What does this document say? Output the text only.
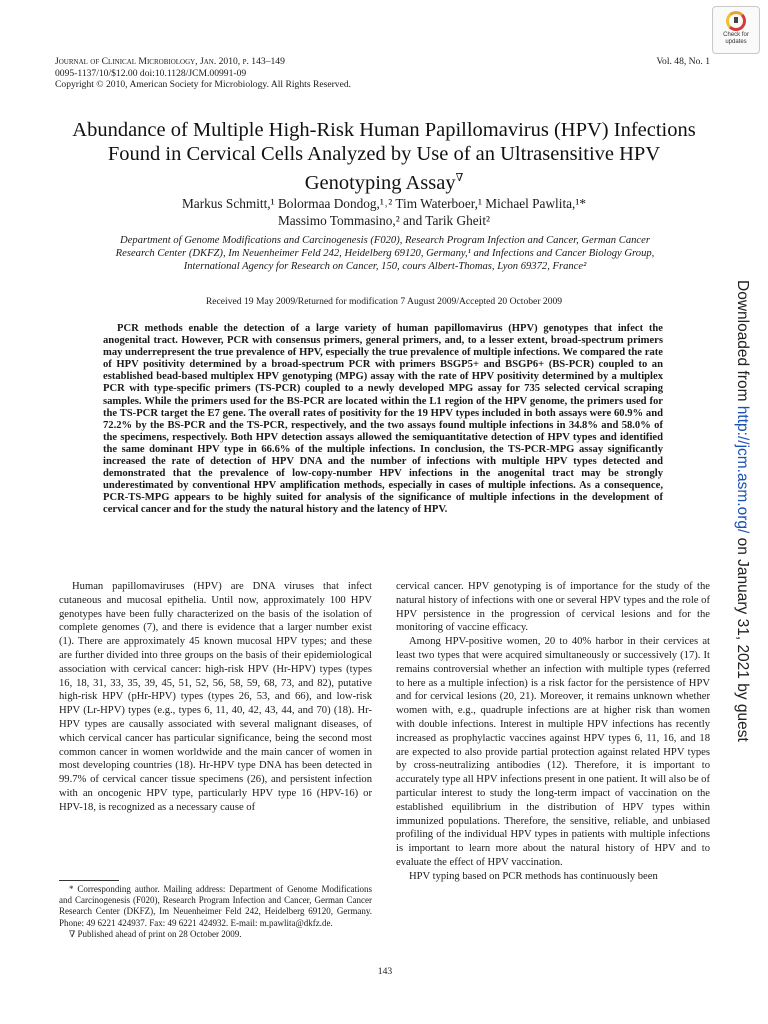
Journal of Clinical Microbiology, Jan. 2010, p. 143–149
0095-1137/10/$12.00 doi:10.1128/JCM.00991-09
Copyright © 2010, American Society for Microbiology. All Rights Reserved.
Vol. 48, No. 1
Check for
updates
Abundance of Multiple High-Risk Human Papillomavirus (HPV) Infections Found in Cervical Cells Analyzed by Use of an Ultrasensitive HPV Genotyping Assay∇
Markus Schmitt,¹ Bolormaa Dondog,¹˒² Tim Waterboer,¹ Michael Pawlita,¹*
Massimo Tommasino,² and Tarik Gheit²
Department of Genome Modifications and Carcinogenesis (F020), Research Program Infection and Cancer, German Cancer Research Center (DKFZ), Im Neuenheimer Feld 242, Heidelberg 69120, Germany,¹ and Infections and Cancer Biology Group, International Agency for Research on Cancer, 150, cours Albert-Thomas, Lyon 69372, France²
Received 19 May 2009/Returned for modification 7 August 2009/Accepted 20 October 2009
PCR methods enable the detection of a large variety of human papillomavirus (HPV) genotypes that infect the anogenital tract. However, PCR with consensus primers, general primers, and, to a lesser extent, broad-spectrum primers may underrepresent the true prevalence of HPV, especially the true prevalence of multiple infections. We compared the rate of HPV positivity determined by a broad-spectrum PCR with primers BSGP5+ and BSGP6+ (BS-PCR) coupled to an established bead-based multiplex HPV genotyping (MPG) assay with the rate of HPV positivity determined by a multiplex PCR with type-specific primers (TS-PCR) coupled to a newly developed MPG assay for 735 selected cervical scraping samples. While the primers used for the BS-PCR are located within the L1 region of the HPV genome, the primers used for the TS-PCR target the E7 gene. The overall rates of positivity for the 19 HPV types included in both assays were 60.9% and 72.2% by the BS-PCR and the TS-PCR, respectively, and the two assays found multiple infections in 34.8% and 58.0% of the specimens, respectively. Both HPV detection assays allowed the semiquantitative detection of HPV types and identified the same dominant HPV type in 66.6% of the multiple infections. In conclusion, the TS-PCR-MPG assay significantly increased the rate of detection of HPV DNA and the number of infections with multiple HPV types detected and demonstrated that the prevalence of low-copy-number HPV infections in the anogenital tract may be strongly underestimated by conventional HPV amplification methods, especially in cases of multiple infections. As a consequence, PCR-TS-MPG appears to be highly suited for analysis of the significance of multiple infections in the development of cervical cancer and for the study the natural history and the latency of HPV.

Human papillomaviruses (HPV) are DNA viruses that infect cutaneous and mucosal epithelia. Until now, approximately 100 HPV genotypes have been fully characterized on the basis of the isolation of complete genomes (7), and there is evidence that a larger number exist (1). There are approximately 45 known mucosal HPV types; and these are further divided into three groups on the basis of their epidemiological association with cervical cancer: high-risk HPV (Hr-HPV) types (types 16, 18, 31, 33, 35, 39, 45, 51, 52, 56, 58, 59, 68, 73, and 82), putative high-risk HPV (pHr-HPV) types (types 26, 53, and 66), and low-risk HPV (Lr-HPV) types (e.g., types 6, 11, 40, 42, 43, 44, and 70) (18). Hr-HPV types are causally associated with several malignant diseases, of which cervical cancer has particular significance, being the second most common cancer in women worldwide and the main cancer of women in most developing countries (18). Hr-HPV type DNA has been detected in 99.7% of cervical cancer tissue specimens (26), and persistent infection with an oncogenic HPV type, particularly HPV type 16 (HPV-16) or HPV-18, is recognized as a necessary cause of

cervical cancer. HPV genotyping is of importance for the study of the natural history of infections with one or several HPV types and the role of HPV persistence in the progression of cervical lesions and for the monitoring of vaccine efficacy.

Among HPV-positive women, 20 to 40% harbor in their cervices at least two types that were acquired simultaneously or successively (17). It remains controversial whether an infection with multiple types (referred to here as a multiple infection) is a risk factor for the persistence of HPV and for cervical lesions (20, 21). Moreover, it remains unknown whether women with, e.g., quadruple infections are at higher risk than women with double infections. Interest in multiple HPV infections has recently increased as prophylactic vaccines against HPV types 6, 11, 16, and 18 are expected to also provide partial protection against related HPV types by cross-neutralizing antibodies (12). Therefore, it is important to accurately type all HPV infections present in one patient. It will also be of particular interest to study the long-term impact of vaccination on the established equilibrium in the distribution of HPV types within immunized populations. Therefore, the sensitive, reliable, and unbiased profiling of the individual HPV types in patients with multiple infections is important to learn more about the natural history of HPV and to evaluate the effect of HPV vaccination.

HPV typing based on PCR methods has continuously been

* Corresponding author. Mailing address: Department of Genome Modifications and Carcinogenesis (F020), Research Program Infection and Cancer, German Cancer Research Center (DKFZ), Im Neuenheimer Feld 242, Heidelberg 69120, Germany. Phone: 49 6221 424937. Fax: 49 6221 424932. E-mail: m.pawlita@dkfz.de.

∇ Published ahead of print on 28 October 2009.

143
Downloaded from http://jcm.asm.org/ on January 31, 2021 by guest
